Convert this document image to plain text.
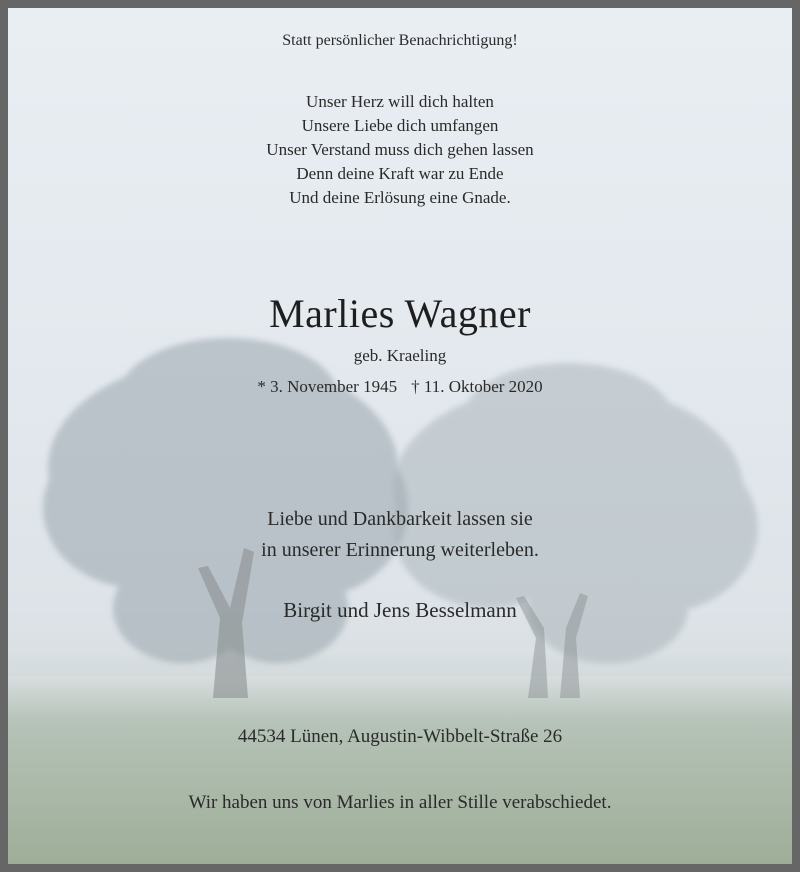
Statt persönlicher Benachrichtigung!
Unser Herz will dich halten
Unsere Liebe dich umfangen
Unser Verstand muss dich gehen lassen
Denn deine Kraft war zu Ende
Und deine Erlösung eine Gnade.
Marlies Wagner
geb. Kraeling
* 3. November 1945 † 11. Oktober 2020
Liebe und Dankbarkeit lassen sie
in unserer Erinnerung weiterleben.
Birgit und Jens Besselmann
44534 Lünen, Augustin-Wibbelt-Straße 26
Wir haben uns von Marlies in aller Stille verabschiedet.
